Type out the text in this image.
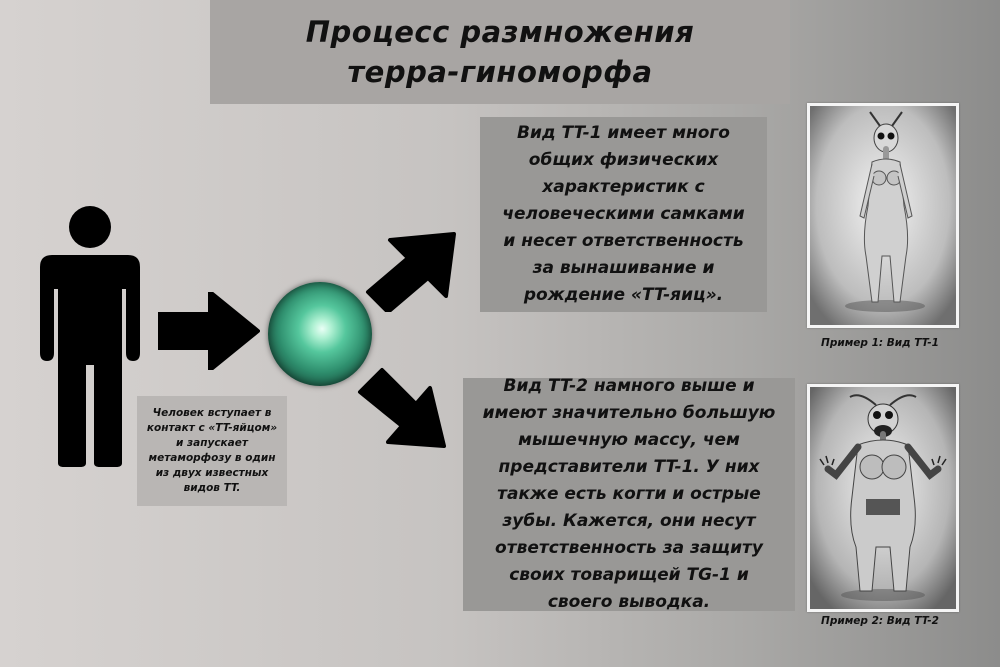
Процесс размножения
терра-гиноморфа
Человек вступает в контакт с «TT-яйцом» и запускает метаморфозу в один из двух известных видов TT.
Вид TT-1 имеет много общих физических характеристик с человеческими самками и несет ответственность за вынашивание и рождение «TT-яиц».
Вид TT-2 намного выше и имеют значительно большую мышечную массу, чем представители TT-1. У них также есть когти и острые зубы. Кажется, они несут ответственность за защиту своих товарищей TG-1 и своего выводка.
Пример 1: Вид TT-1
Пример 2: Вид TT-2
